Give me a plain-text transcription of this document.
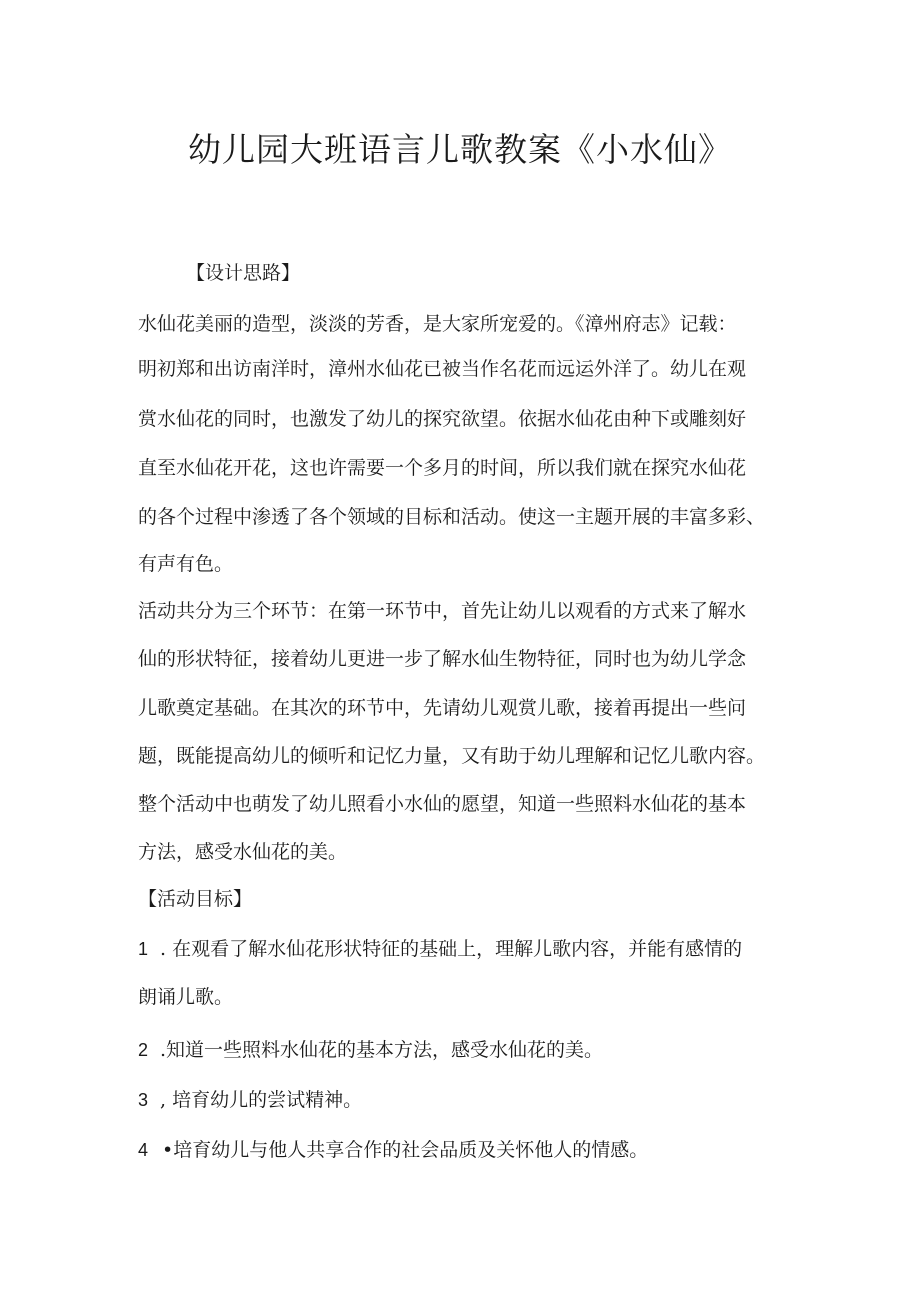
幼儿园大班语言儿歌教案《小水仙》
【设计思路】
水仙花美丽的造型，淡淡的芳香，是大家所宠爱的。《漳州府志》记载：
明初郑和出访南洋时，漳州水仙花已被当作名花而远运外洋了。幼儿在观
赏水仙花的同时，也激发了幼儿的探究欲望。依据水仙花由种下或雕刻好
直至水仙花开花，这也许需要一个多月的时间，所以我们就在探究水仙花
的各个过程中渗透了各个领域的目标和活动。使这一主题开展的丰富多彩、
有声有色。
活动共分为三个环节：在第一环节中，首先让幼儿以观看的方式来了解水
仙的形状特征，接着幼儿更进一步了解水仙生物特征，同时也为幼儿学念
儿歌奠定基础。在其次的环节中，先请幼儿观赏儿歌，接着再提出一些问
题，既能提高幼儿的倾听和记忆力量，又有助于幼儿理解和记忆儿歌内容。
整个活动中也萌发了幼儿照看小水仙的愿望，知道一些照料水仙花的基本
方法，感受水仙花的美。
【活动目标】
1 . 在观看了解水仙花形状特征的基础上，理解儿歌内容，并能有感情的
朗诵儿歌。
2 .知道一些照料水仙花的基本方法，感受水仙花的美。
3 , 培育幼儿的尝试精神。
4 •培育幼儿与他人共享合作的社会品质及关怀他人的情感。
